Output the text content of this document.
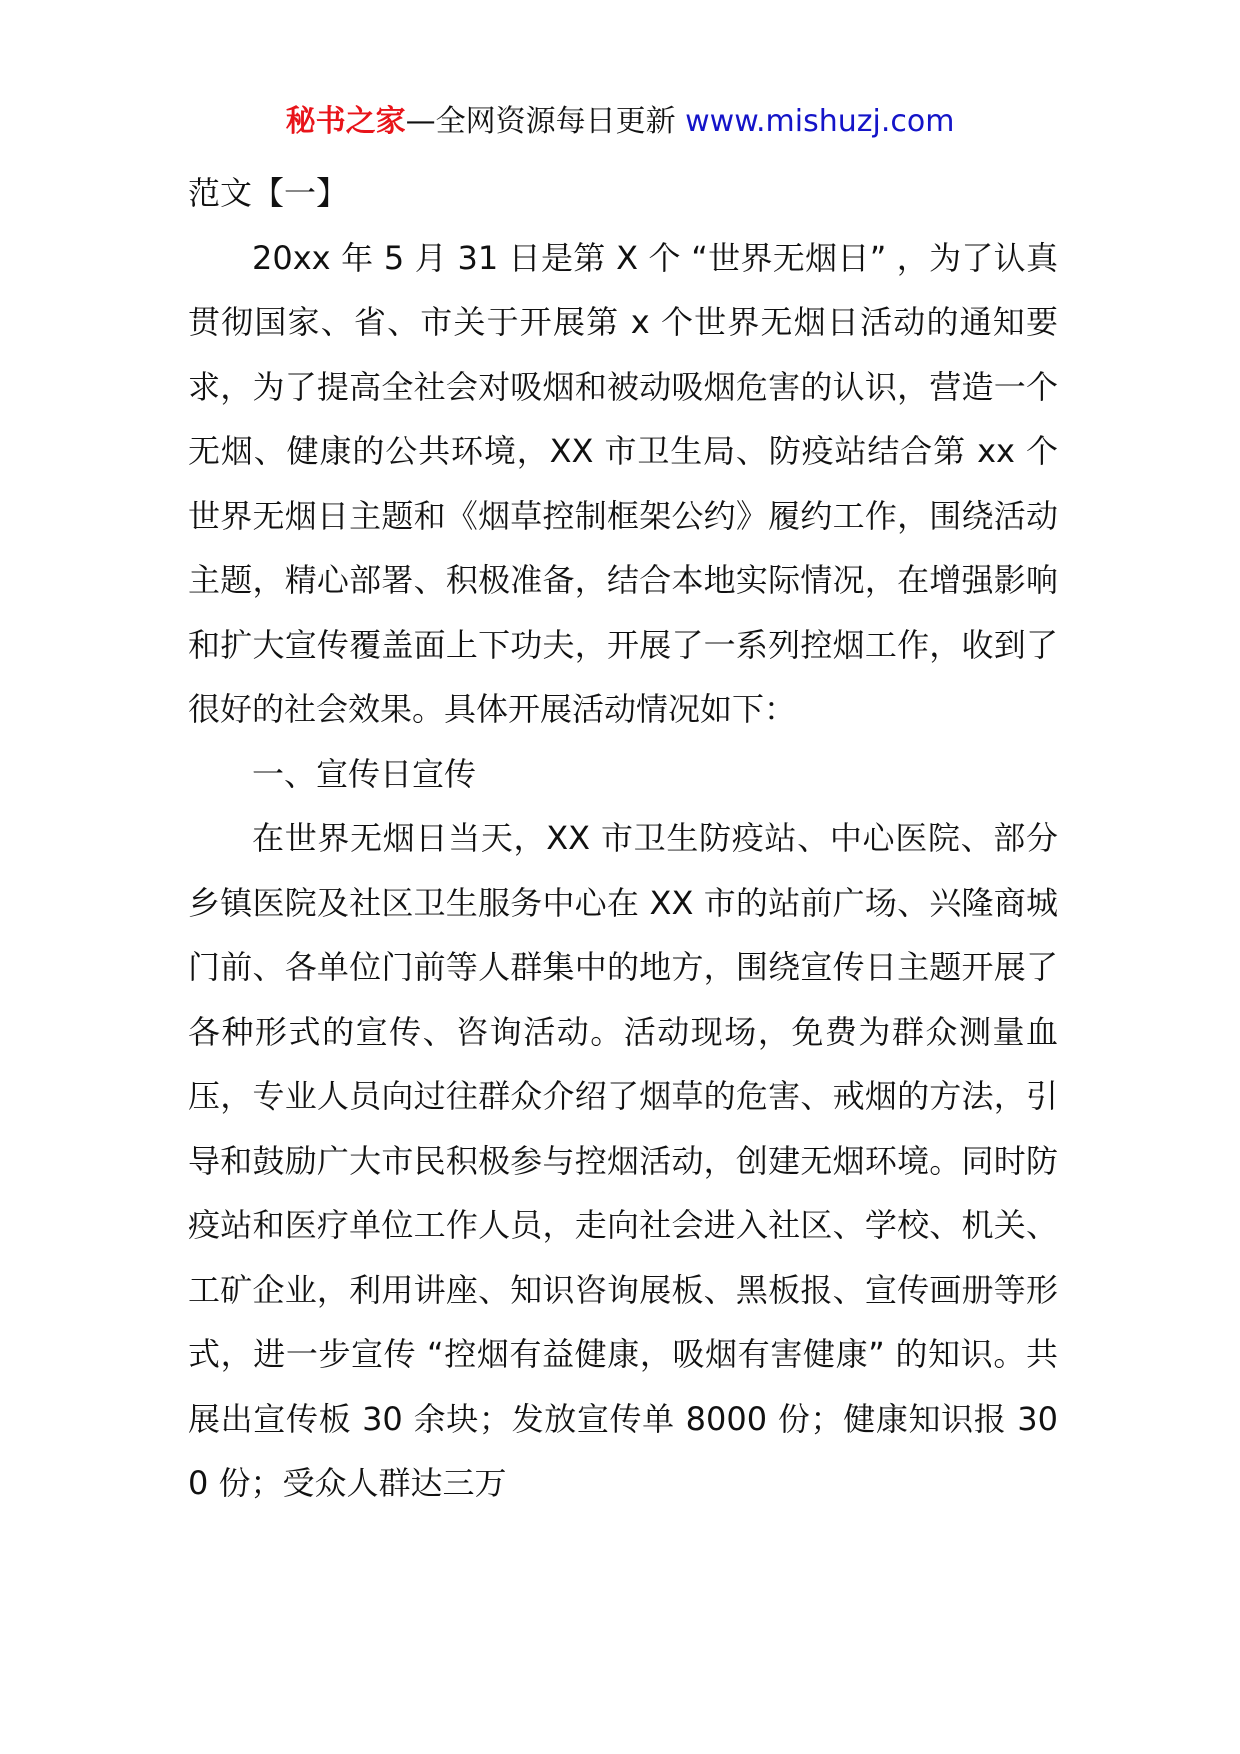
秘书之家—全网资源每日更新 www.mishuzj.com

范文【一】

20xx 年 5 月 31 日是第 X 个 “世界无烟日” ，为了认真贯彻国家、省、市关于开展第 x 个世界无烟日活动的通知要求，为了提高全社会对吸烟和被动吸烟危害的认识，营造一个无烟、健康的公共环境，XX 市卫生局、防疫站结合第 xx 个世界无烟日主题和《烟草控制框架公约》履约工作，围绕活动主题，精心部署、积极准备，结合本地实际情况，在增强影响和扩大宣传覆盖面上下功夫，开展了一系列控烟工作，收到了很好的社会效果。具体开展活动情况如下：

一、宣传日宣传

在世界无烟日当天，XX 市卫生防疫站、中心医院、部分乡镇医院及社区卫生服务中心在 XX 市的站前广场、兴隆商城门前、各单位门前等人群集中的地方，围绕宣传日主题开展了各种形式的宣传、咨询活动。活动现场，免费为群众测量血压，专业人员向过往群众介绍了烟草的危害、戒烟的方法，引导和鼓励广大市民积极参与控烟活动，创建无烟环境。同时防疫站和医疗单位工作人员，走向社会进入社区、学校、机关、工矿企业，利用讲座、知识咨询展板、黑板报、宣传画册等形式，进一步宣传 “控烟有益健康，吸烟有害健康” 的知识。共展出宣传板 30 余块；发放宣传单 8000 份；健康知识报 300 份；受众人群达三万
